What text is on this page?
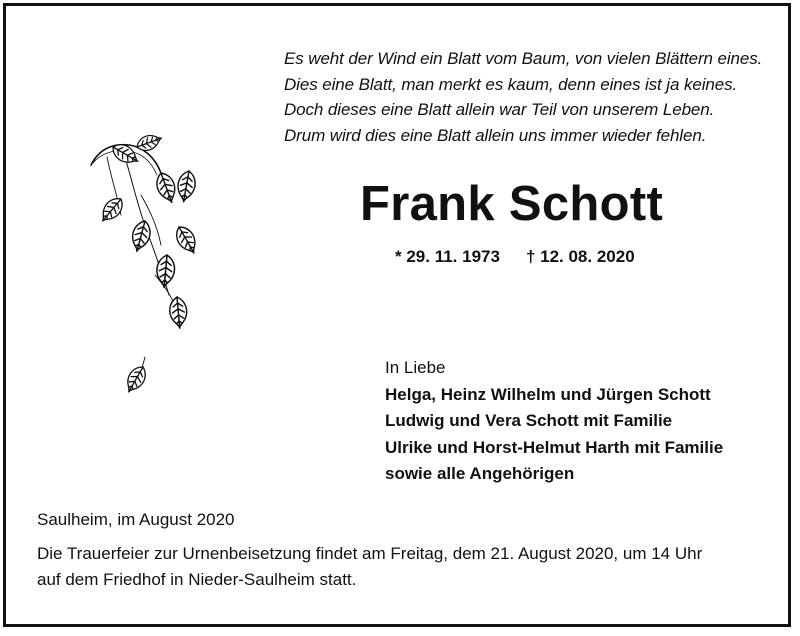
Es weht der Wind ein Blatt vom Baum, von vielen Blättern eines.
Dies eine Blatt, man merkt es kaum, denn eines ist ja keines.
Doch dieses eine Blatt allein war Teil von unserem Leben.
Drum wird dies eine Blatt allein uns immer wieder fehlen.
Frank Schott
* 29. 11. 1973 † 12. 08. 2020
In Liebe
Helga, Heinz Wilhelm und Jürgen Schott
Ludwig und Vera Schott mit Familie
Ulrike und Horst-Helmut Harth mit Familie
sowie alle Angehörigen
Saulheim, im August 2020
Die Trauerfeier zur Urnenbeisetzung findet am Freitag, dem 21. August 2020, um 14 Uhr
auf dem Friedhof in Nieder-Saulheim statt.
